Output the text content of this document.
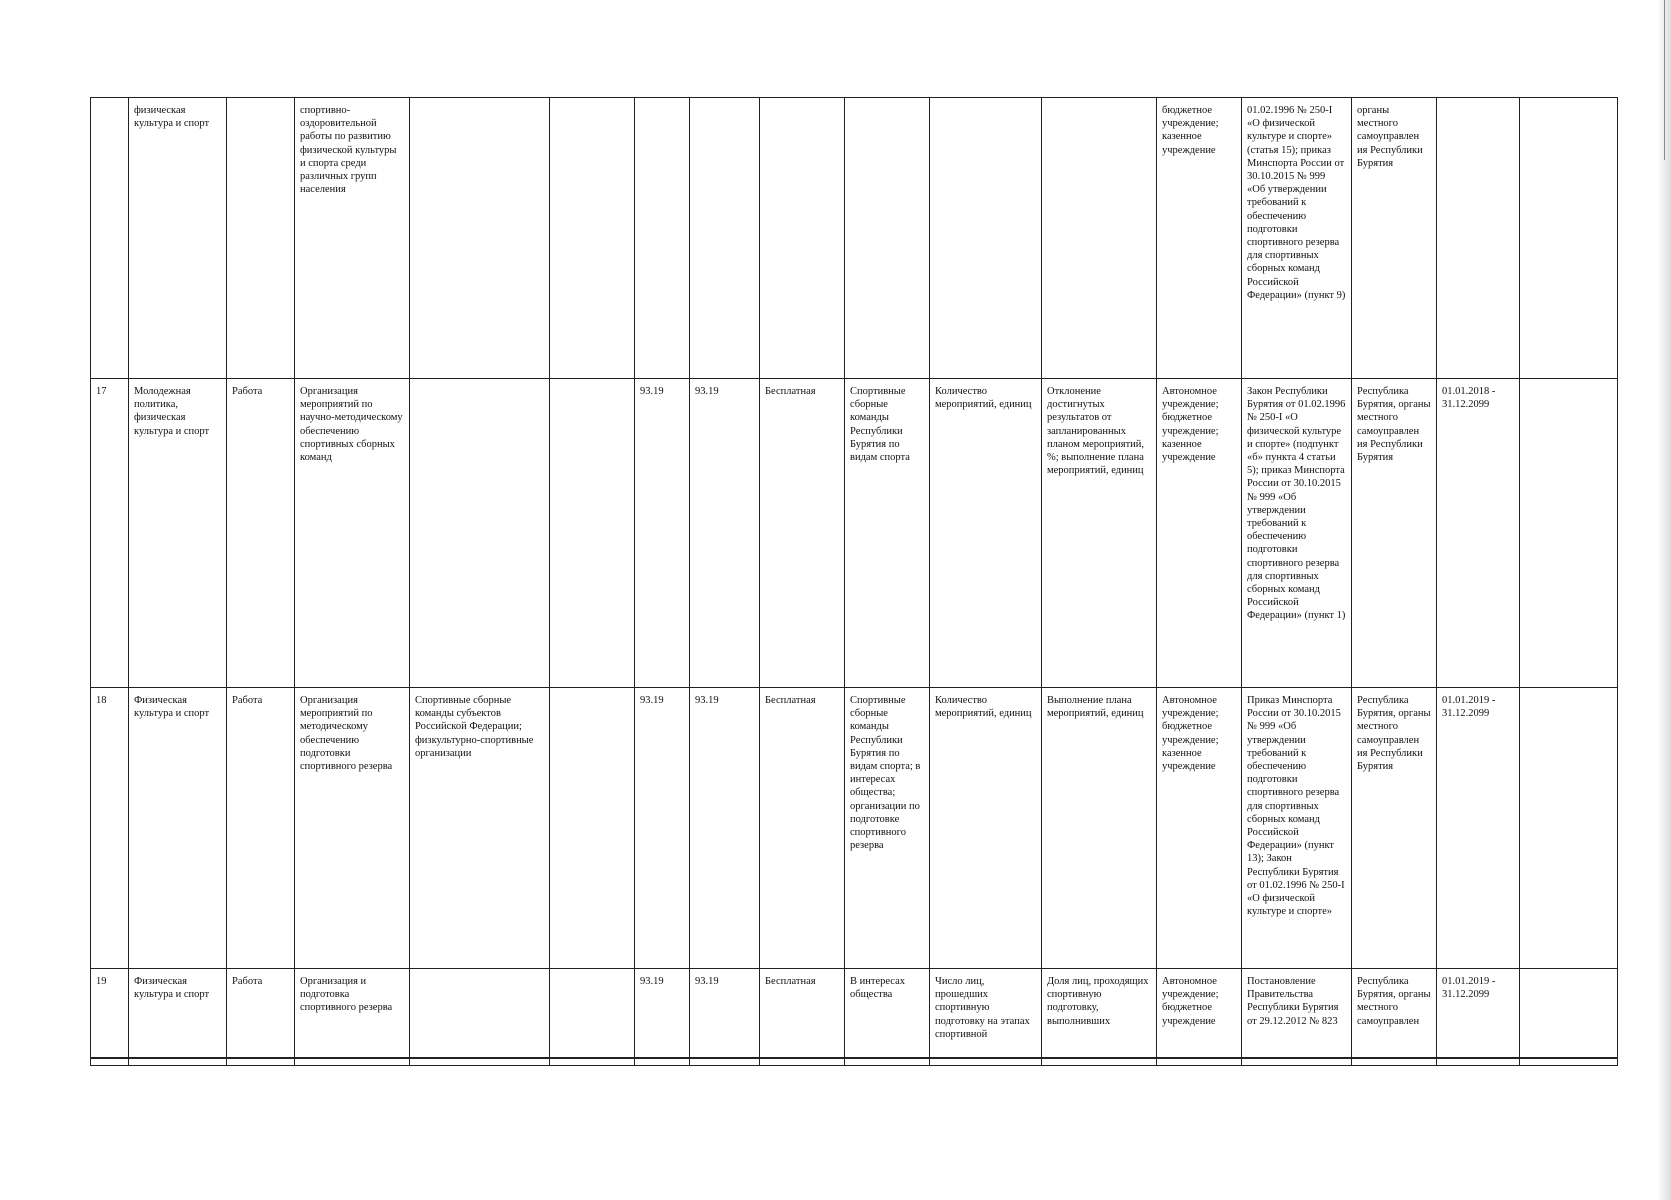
	физическая культура и спорт		спортивно-оздоровительной работы по развитию физической культуры и спорта среди различных групп населения									бюджетное учреждение; казенное учреждение	01.02.1996 № 250-I «О физической культуре и спорте» (статья 15); приказ Минспорта России от 30.10.2015 № 999 «Об утверждении требований к обеспечению подготовки спортивного резерва для спортивных сборных команд Российской Федерации» (пункт 9)	органы местного самоуправлен ия Республики Бурятия		
17	Молодежная политика, физическая культура и спорт	Работа	Организация мероприятий по научно-методическому обеспечению спортивных сборных команд			93.19	93.19	Бесплатная	Спортивные сборные команды Республики Бурятия по видам спорта	Количество мероприятий, единиц	Отклонение достигнутых результатов от запланированных планом мероприятий, %; выполнение плана мероприятий, единиц	Автономное учреждение; бюджетное учреждение; казенное учреждение	Закон Республики Бурятия от 01.02.1996 № 250-I «О физической культуре и спорте» (подпункт «б» пункта 4 статьи 5); приказ Минспорта России от 30.10.2015 № 999 «Об утверждении требований к обеспечению подготовки спортивного резерва для спортивных сборных команд Российской Федерации» (пункт 1)	Республика Бурятия, органы местного самоуправлен ия Республики Бурятия	01.01.2018 - 31.12.2099	
18	Физическая культура и спорт	Работа	Организация мероприятий по методическому обеспечению подготовки спортивного резерва	Спортивные сборные команды субъектов Российской Федерации; физкультурно-спортивные организации		93.19	93.19	Бесплатная	Спортивные сборные команды Республики Бурятия по видам спорта; в интересах общества; организации по подготовке спортивного резерва	Количество мероприятий, единиц	Выполнение плана мероприятий, единиц	Автономное учреждение; бюджетное учреждение; казенное учреждение	Приказ Минспорта России от 30.10.2015 № 999 «Об утверждении требований к обеспечению подготовки спортивного резерва для спортивных сборных команд Российской Федерации» (пункт 13); Закон Республики Бурятия от 01.02.1996 № 250-I «О физической культуре и спорте»	Республика Бурятия, органы местного самоуправлен ия Республики Бурятия	01.01.2019 - 31.12.2099	
19	Физическая культура и спорт	Работа	Организация и подготовка спортивного резерва			93.19	93.19	Бесплатная	В интересах общества	Число лиц, прошедших спортивную подготовку на этапах спортивной	Доля лиц, проходящих спортивную подготовку, выполнивших	Автономное учреждение; бюджетное учреждение	Постановление Правительства Республики Бурятия от 29.12.2012 № 823	Республика Бурятия, органы местного самоуправлен	01.01.2019 - 31.12.2099	
